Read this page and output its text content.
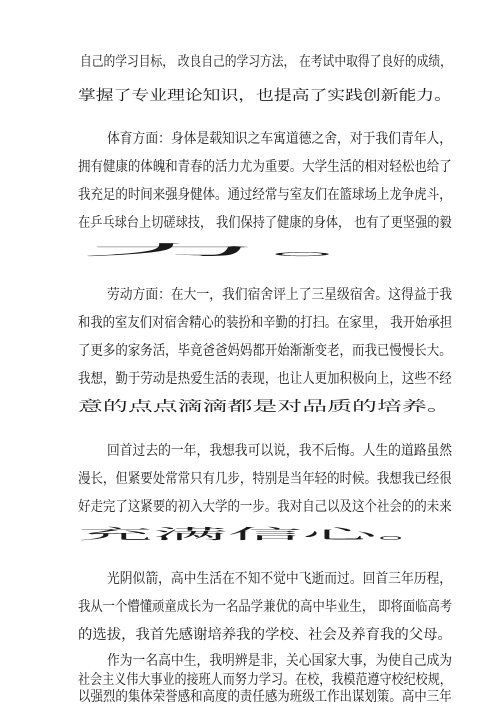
自己的学习目标， 改良自己的学习方法， 在考试中取得了良好的成绩，
掌握了专业理论知识，也提高了实践创新能力。
体育方面：身体是载知识之车寓道德之舍，对于我们青年人，
拥有健康的体魄和青春的活力尤为重要。大学生活的相对轻松也给了
我充足的时间来强身健体。通过经常与室友们在篮球场上龙争虎斗，
在乒乓球台上切磋球技， 我们保持了健康的身体， 也有了更坚强的毅
力。
劳动方面：在大一，我们宿舍评上了三星级宿舍。这得益于我
和我的室友们对宿舍精心的装扮和辛勤的打扫。在家里， 我开始承担
了更多的家务活，毕竟爸爸妈妈都开始渐渐变老，而我已慢慢长大。
我想，勤于劳动是热爱生活的表现，也让人更加积极向上，这些不经
意的点点滴滴都是对品质的培养。
回首过去的一年，我想我可以说，我不后悔。人生的道路虽然
漫长，但紧要处常常只有几步，特别是当年轻的时候。我想我已经很
好走完了这紧要的初入大学的一步。我对自己以及这个社会的的未来
充满信心。
光阴似箭，高中生活在不知不觉中飞逝而过。回首三年历程，
我从一个懵懂顽童成长为一名品学兼优的高中毕业生， 即将面临高考
的选拔，我首先感谢培养我的学校、社会及养育我的父母。
作为一名高中生，我明辨是非，关心国家大事，为使自己成为
社会主义伟大事业的接班人而努力学习。在校，我模范遵守校纪校规，
以强烈的集体荣誉感和高度的责任感为班级工作出谋划策。高中三年
